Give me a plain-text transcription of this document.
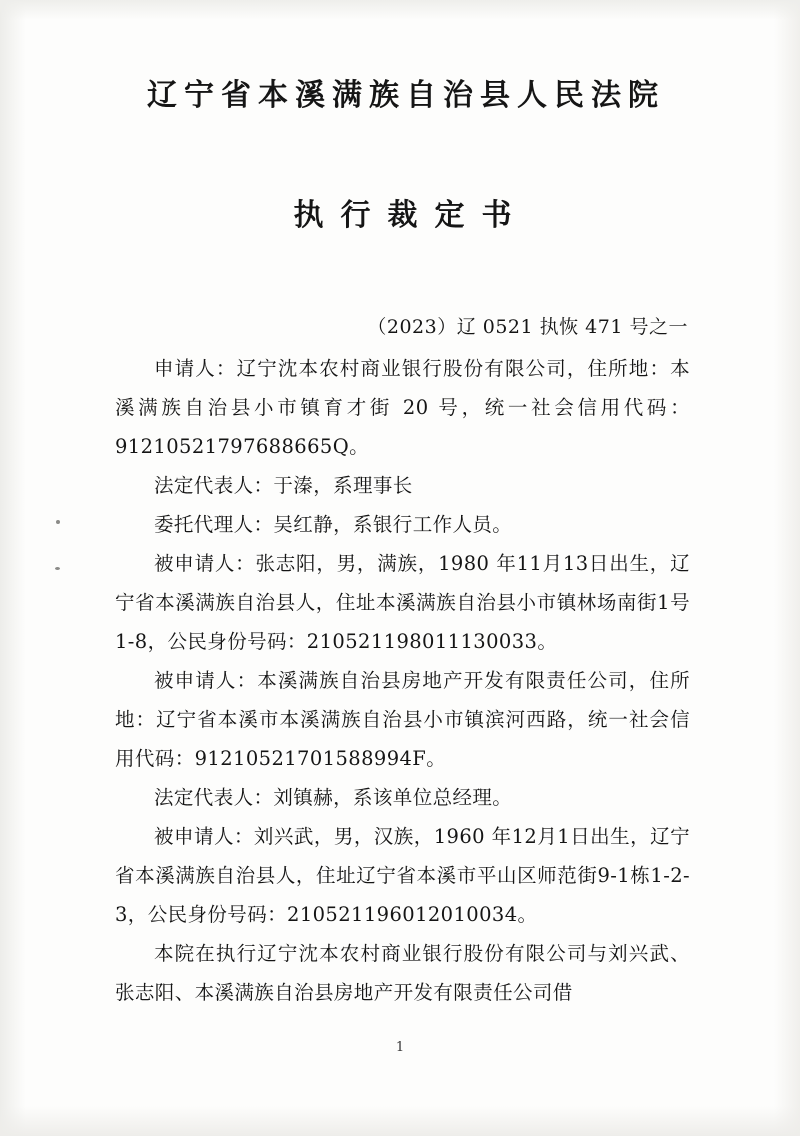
辽宁省本溪满族自治县人民法院
执行裁定书

（2023）辽 0521 执恢 471 号之一

申请人：辽宁沈本农村商业银行股份有限公司，住所地：本溪满族自治县小市镇育才街 20 号，统一社会信用代码：91210521797688665Q。

法定代表人：于溱，系理事长

委托代理人：吴红静，系银行工作人员。

被申请人：张志阳，男，满族，1980 年11月13日出生，辽宁省本溪满族自治县人，住址本溪满族自治县小市镇林场南街1号1-8，公民身份号码：210521198011130033。

被申请人：本溪满族自治县房地产开发有限责任公司，住所地：辽宁省本溪市本溪满族自治县小市镇滨河西路，统一社会信用代码：91210521701588994F。

法定代表人：刘镇赫，系该单位总经理。

被申请人：刘兴武，男，汉族，1960 年12月1日出生，辽宁省本溪满族自治县人，住址辽宁省本溪市平山区师范街9-1栋1-2-3，公民身份号码：210521196012010034。

本院在执行辽宁沈本农村商业银行股份有限公司与刘兴武、张志阳、本溪满族自治县房地产开发有限责任公司借

1
